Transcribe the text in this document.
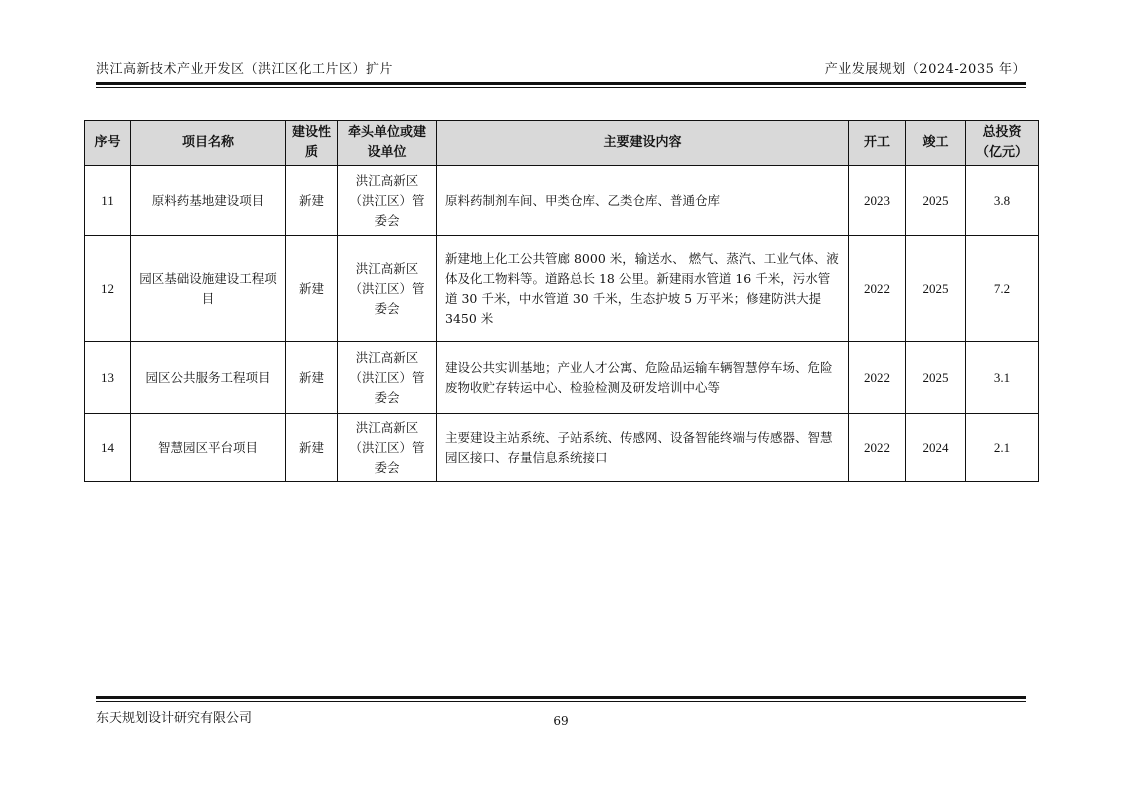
洪江高新技术产业开发区（洪江区化工片区）扩片	产业发展规划（2024-2035 年）
序号	项目名称	建设性质	牵头单位或建设单位	主要建设内容	开工	竣工	总投资（亿元）
11	原料药基地建设项目	新建	洪江高新区（洪江区）管委会	原料药制剂车间、甲类仓库、乙类仓库、普通仓库	2023	2025	3.8
12	园区基础设施建设工程项目	新建	洪江高新区（洪江区）管委会	新建地上化工公共管廊 8000 米，输送水、 燃气、蒸汽、工业气体、液体及化工物料等。道路总长 18 公里。新建雨水管道 16 千米，污水管道 30 千米，中水管道 30 千米，生态护坡 5 万平米；修建防洪大提 3450 米	2022	2025	7.2
13	园区公共服务工程项目	新建	洪江高新区（洪江区）管委会	建设公共实训基地；产业人才公寓、危险品运输车辆智慧停车场、危险废物收贮存转运中心、检验检测及研发培训中心等	2022	2025	3.1
14	智慧园区平台项目	新建	洪江高新区（洪江区）管委会	主要建设主站系统、子站系统、传感网、设备智能终端与传感器、智慧园区接口、存量信息系统接口	2022	2024	2.1
东天规划设计研究有限公司	69
